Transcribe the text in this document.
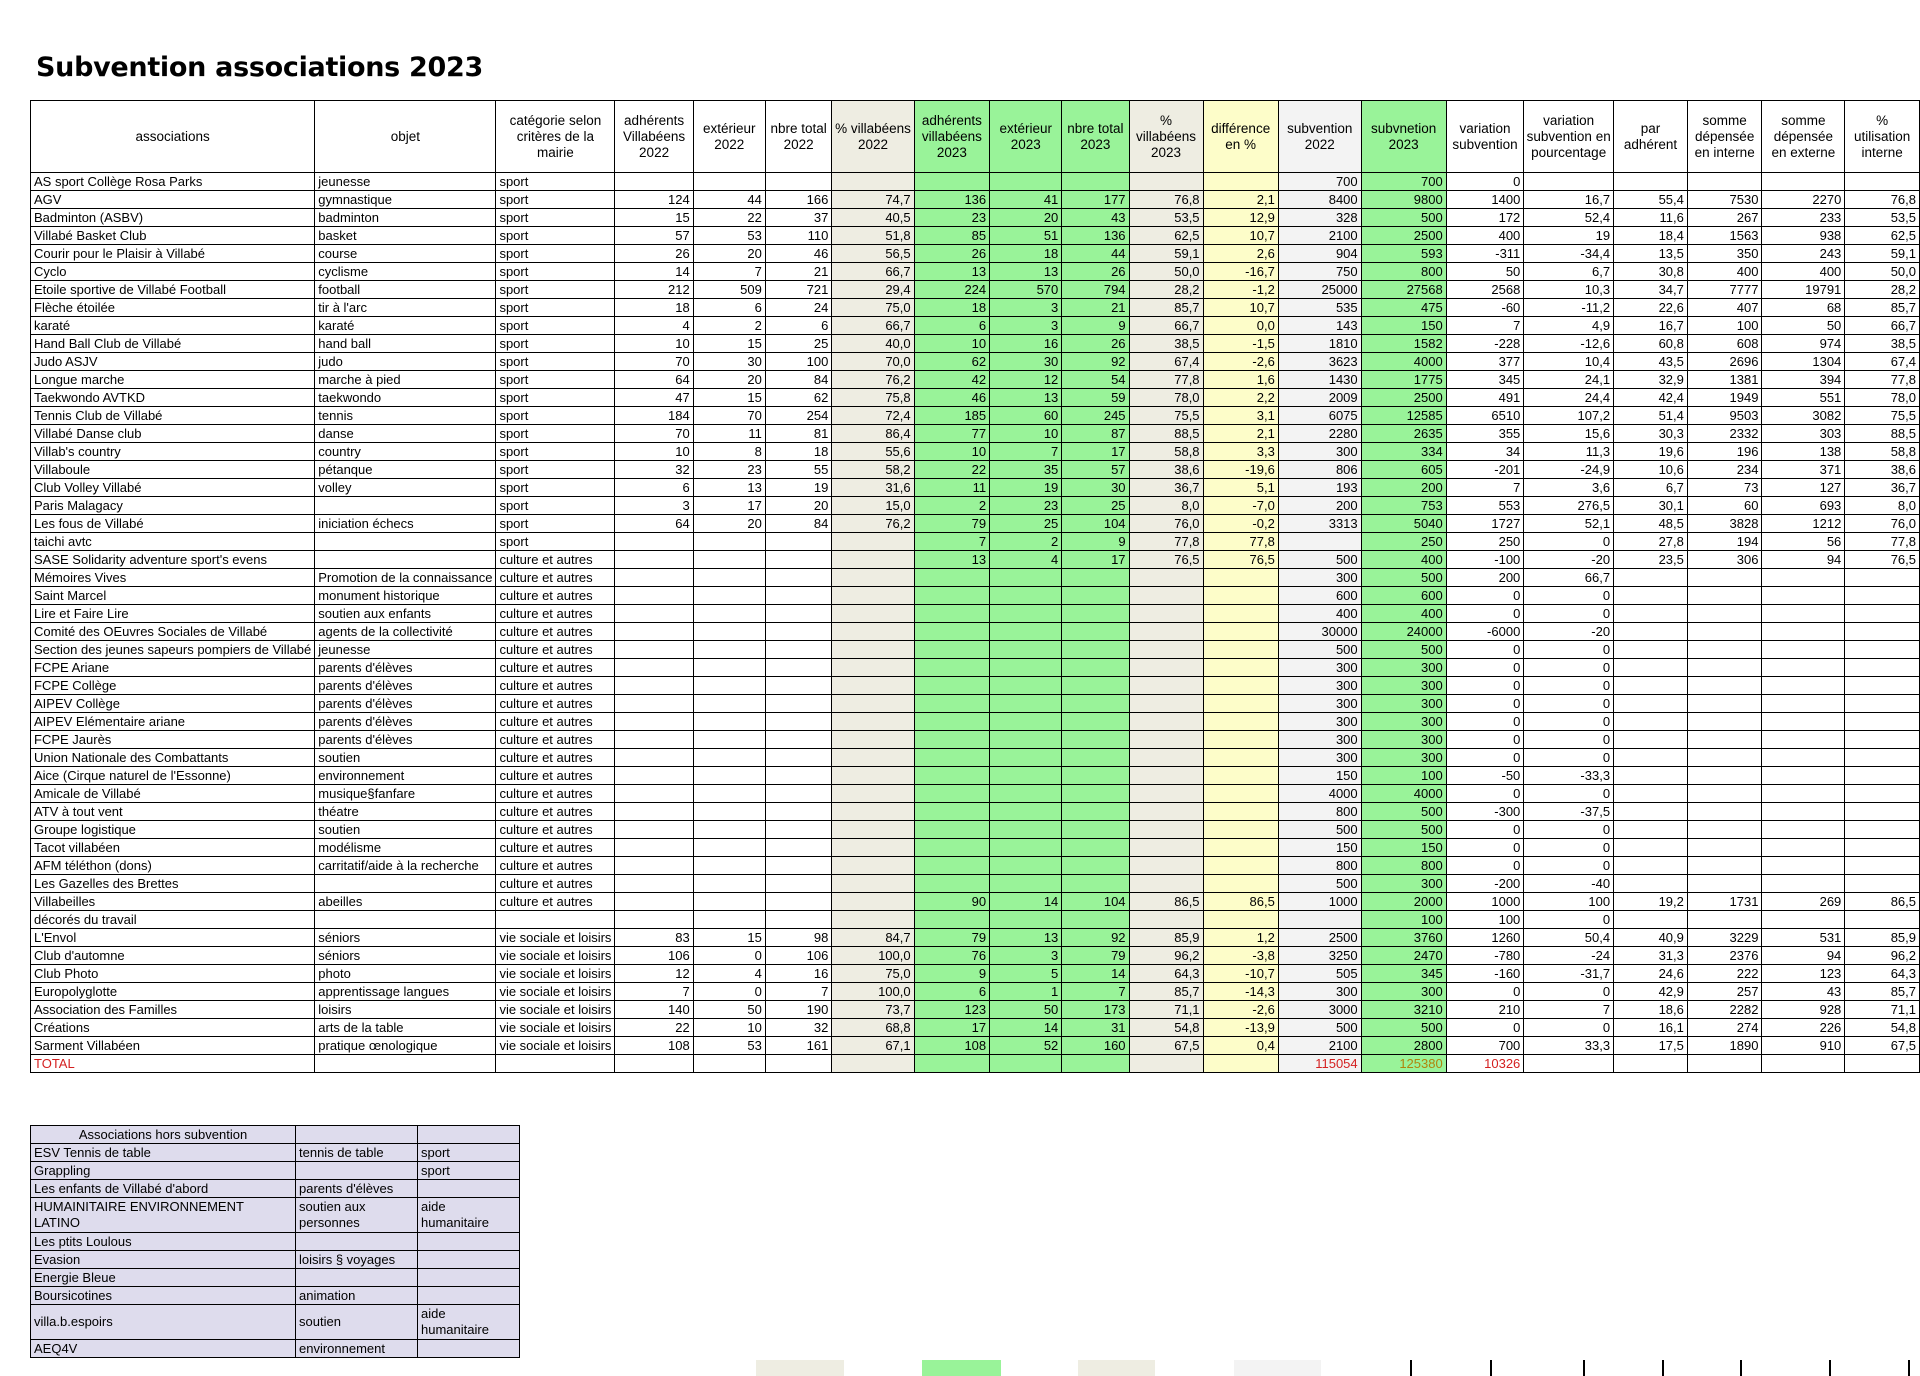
Subvention associations 2023
associations	objet	catégorie selon critères de la mairie	adhérents Villabéens 2022	extérieur 2022	nbre total 2022	% villabéens 2022	adhérents villabéens 2023	extérieur 2023	nbre total 2023	% villabéens 2023	différence en %	subvention 2022	subvnetion 2023	variation subvention	variation subvention en pourcentage	par adhérent	somme dépensée en interne	somme dépensée en externe	% utilisation interne
AS sport Collège Rosa Parks	jeunesse	sport										700	700	0					
AGV	gymnastique	sport	124	44	166	74,7	136	41	177	76,8	2,1	8400	9800	1400	16,7	55,4	7530	2270	76,8
Badminton (ASBV)	badminton	sport	15	22	37	40,5	23	20	43	53,5	12,9	328	500	172	52,4	11,6	267	233	53,5
Villabé Basket Club	basket	sport	57	53	110	51,8	85	51	136	62,5	10,7	2100	2500	400	19	18,4	1563	938	62,5
Courir pour le Plaisir à Villabé	course	sport	26	20	46	56,5	26	18	44	59,1	2,6	904	593	-311	-34,4	13,5	350	243	59,1
Cyclo	cyclisme	sport	14	7	21	66,7	13	13	26	50,0	-16,7	750	800	50	6,7	30,8	400	400	50,0
Etoile sportive de Villabé Football	football	sport	212	509	721	29,4	224	570	794	28,2	-1,2	25000	27568	2568	10,3	34,7	7777	19791	28,2
Flèche étoilée	tir à l'arc	sport	18	6	24	75,0	18	3	21	85,7	10,7	535	475	-60	-11,2	22,6	407	68	85,7
karaté	karaté	sport	4	2	6	66,7	6	3	9	66,7	0,0	143	150	7	4,9	16,7	100	50	66,7
Hand Ball Club de Villabé	hand ball	sport	10	15	25	40,0	10	16	26	38,5	-1,5	1810	1582	-228	-12,6	60,8	608	974	38,5
Judo ASJV	judo	sport	70	30	100	70,0	62	30	92	67,4	-2,6	3623	4000	377	10,4	43,5	2696	1304	67,4
Longue marche	marche à pied	sport	64	20	84	76,2	42	12	54	77,8	1,6	1430	1775	345	24,1	32,9	1381	394	77,8
Taekwondo AVTKD	taekwondo	sport	47	15	62	75,8	46	13	59	78,0	2,2	2009	2500	491	24,4	42,4	1949	551	78,0
Tennis Club de Villabé	tennis	sport	184	70	254	72,4	185	60	245	75,5	3,1	6075	12585	6510	107,2	51,4	9503	3082	75,5
Villabé Danse club	danse	sport	70	11	81	86,4	77	10	87	88,5	2,1	2280	2635	355	15,6	30,3	2332	303	88,5
Villab's country	country	sport	10	8	18	55,6	10	7	17	58,8	3,3	300	334	34	11,3	19,6	196	138	58,8
Villaboule	pétanque	sport	32	23	55	58,2	22	35	57	38,6	-19,6	806	605	-201	-24,9	10,6	234	371	38,6
Club Volley Villabé	volley	sport	6	13	19	31,6	11	19	30	36,7	5,1	193	200	7	3,6	6,7	73	127	36,7
Paris Malagacy		sport	3	17	20	15,0	2	23	25	8,0	-7,0	200	753	553	276,5	30,1	60	693	8,0
Les fous de Villabé	iniciation échecs	sport	64	20	84	76,2	79	25	104	76,0	-0,2	3313	5040	1727	52,1	48,5	3828	1212	76,0
taichi avtc		sport					7	2	9	77,8	77,8		250	250	0	27,8	194	56	77,8
SASE Solidarity adventure sport's evens		culture et autres					13	4	17	76,5	76,5	500	400	-100	-20	23,5	306	94	76,5
Mémoires Vives	Promotion de la connaissance	culture et autres										300	500	200	66,7				
Saint Marcel	monument historique	culture et autres										600	600	0	0				
Lire et Faire Lire	soutien aux enfants	culture et autres										400	400	0	0				
Comité des OEuvres Sociales de Villabé	agents de la collectivité	culture et autres										30000	24000	-6000	-20				
Section des jeunes sapeurs pompiers de Villabé	jeunesse	culture et autres										500	500	0	0				
FCPE Ariane	parents d'élèves	culture et autres										300	300	0	0				
FCPE Collège	parents d'élèves	culture et autres										300	300	0	0				
AIPEV Collège	parents d'élèves	culture et autres										300	300	0	0				
AIPEV Elémentaire ariane	parents d'élèves	culture et autres										300	300	0	0				
FCPE Jaurès	parents d'élèves	culture et autres										300	300	0	0				
Union Nationale des Combattants	soutien	culture et autres										300	300	0	0				
Aice (Cirque naturel de l'Essonne)	environnement	culture et autres										150	100	-50	-33,3				
Amicale de Villabé	musique§fanfare	culture et autres										4000	4000	0	0				
ATV à tout vent	théatre	culture et autres										800	500	-300	-37,5				
Groupe logistique	soutien	culture et autres										500	500	0	0				
Tacot villabéen	modélisme	culture et autres										150	150	0	0				
AFM téléthon (dons)	carritatif/aide à la recherche	culture et autres										800	800	0	0				
Les Gazelles des Brettes		culture et autres										500	300	-200	-40				
Villabeilles	abeilles	culture et autres					90	14	104	86,5	86,5	1000	2000	1000	100	19,2	1731	269	86,5
décorés du travail													100	100	0				
L'Envol	séniors	vie sociale et loisirs	83	15	98	84,7	79	13	92	85,9	1,2	2500	3760	1260	50,4	40,9	3229	531	85,9
Club d'automne	séniors	vie sociale et loisirs	106	0	106	100,0	76	3	79	96,2	-3,8	3250	2470	-780	-24	31,3	2376	94	96,2
Club Photo	photo	vie sociale et loisirs	12	4	16	75,0	9	5	14	64,3	-10,7	505	345	-160	-31,7	24,6	222	123	64,3
Europolyglotte	apprentissage langues	vie sociale et loisirs	7	0	7	100,0	6	1	7	85,7	-14,3	300	300	0	0	42,9	257	43	85,7
Association des Familles	loisirs	vie sociale et loisirs	140	50	190	73,7	123	50	173	71,1	-2,6	3000	3210	210	7	18,6	2282	928	71,1
Créations	arts de la table	vie sociale et loisirs	22	10	32	68,8	17	14	31	54,8	-13,9	500	500	0	0	16,1	274	226	54,8
Sarment Villabéen	pratique œnologique	vie sociale et loisirs	108	53	161	67,1	108	52	160	67,5	0,4	2100	2800	700	33,3	17,5	1890	910	67,5
TOTAL												115054	125380	10326					
Associations hors subvention		
ESV Tennis de table	tennis de table	sport
Grappling		sport
Les enfants de Villabé d'abord	parents d'élèves	
HUMAINITAIRE ENVIRONNEMENT LATINO	soutien aux personnes	aide humanitaire
Les ptits Loulous		
Evasion	loisirs § voyages	
Energie Bleue		
Boursicotines	animation	
villa.b.espoirs	soutien	aide humanitaire
AEQ4V	environnement	
